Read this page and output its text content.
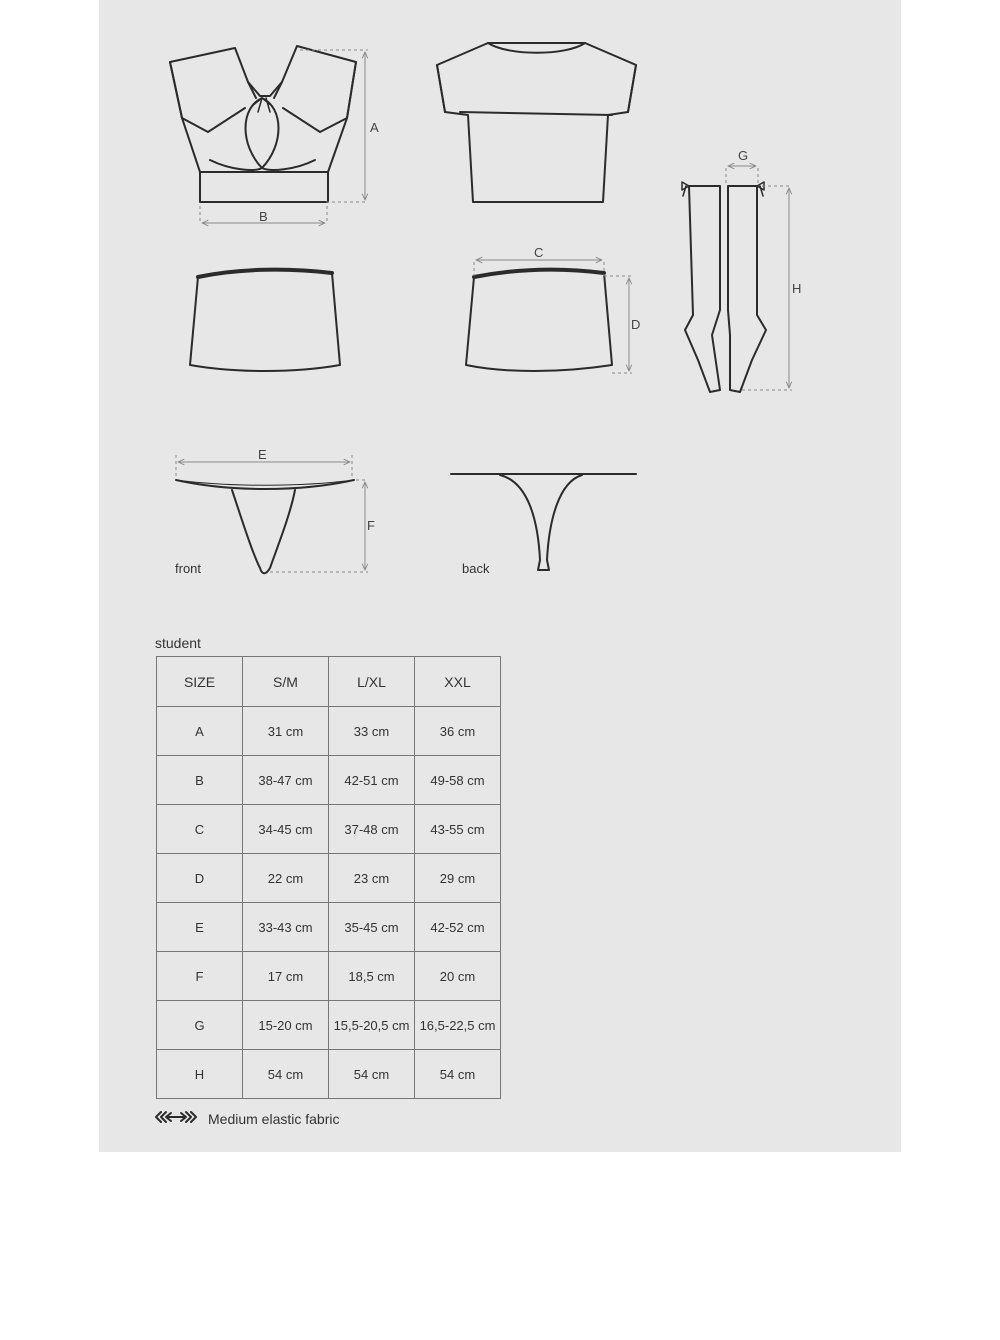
A
B
C
D
E
F
G
H
front	back
student
SIZE	S/M	L/XL	XXL
A	31 cm	33 cm	36 cm
B	38-47 cm	42-51 cm	49-58 cm
C	34-45 cm	37-48 cm	43-55 cm
D	22 cm	23 cm	29 cm
E	33-43 cm	35-45 cm	42-52 cm
F	17 cm	18,5 cm	20 cm
G	15-20 cm	15,5-20,5 cm	16,5-22,5 cm
H	54 cm	54 cm	54 cm
Medium elastic fabric
